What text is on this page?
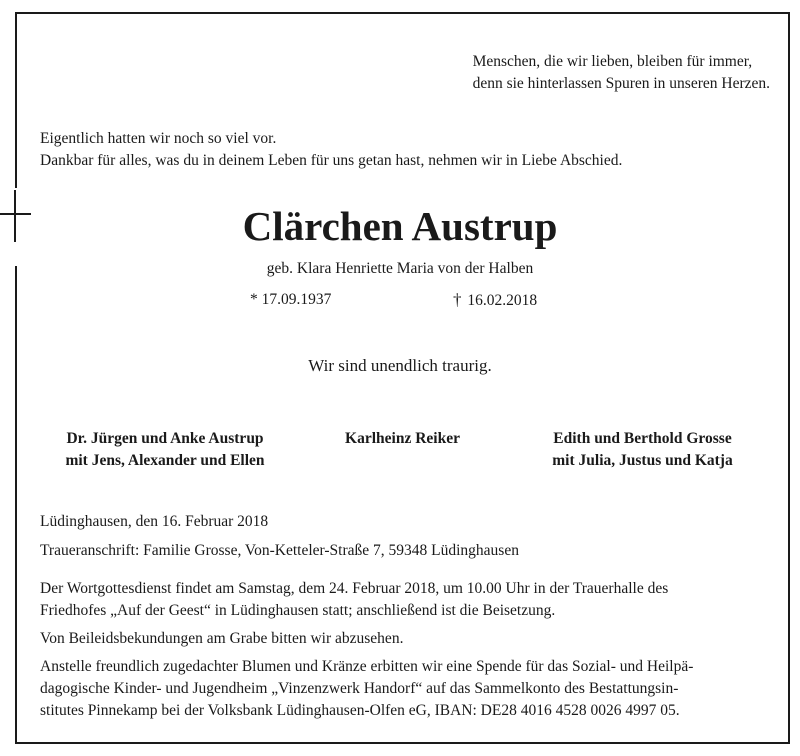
Menschen, die wir lieben, bleiben für immer,
denn sie hinterlassen Spuren in unseren Herzen.
Eigentlich hatten wir noch so viel vor.
Dankbar für alles, was du in deinem Leben für uns getan hast, nehmen wir in Liebe Abschied.
Clärchen Austrup
geb. Klara Henriette Maria von der Halben
* 17.09.1937	† 16.02.2018
Wir sind unendlich traurig.
Dr. Jürgen und Anke Austrup
mit Jens, Alexander und Ellen
Karlheinz Reiker	Edith und Berthold Grosse
mit Julia, Justus und Katja
Lüdinghausen, den 16. Februar 2018
Traueranschrift: Familie Grosse, Von-Ketteler-Straße 7, 59348 Lüdinghausen
Der Wortgottesdienst findet am Samstag, dem 24. Februar 2018, um 10.00 Uhr in der Trauerhalle des
Friedhofes „Auf der Geest“ in Lüdinghausen statt; anschließend ist die Beisetzung.
Von Beileidsbekundungen am Grabe bitten wir abzusehen.
Anstelle freundlich zugedachter Blumen und Kränze erbitten wir eine Spende für das Sozial- und Heilpä-
dagogische Kinder- und Jugendheim „Vinzenzwerk Handorf“ auf das Sammelkonto des Bestattungsin-
stitutes Pinnekamp bei der Volksbank Lüdinghausen-Olfen eG, IBAN: DE28 4016 4528 0026 4997 05.
